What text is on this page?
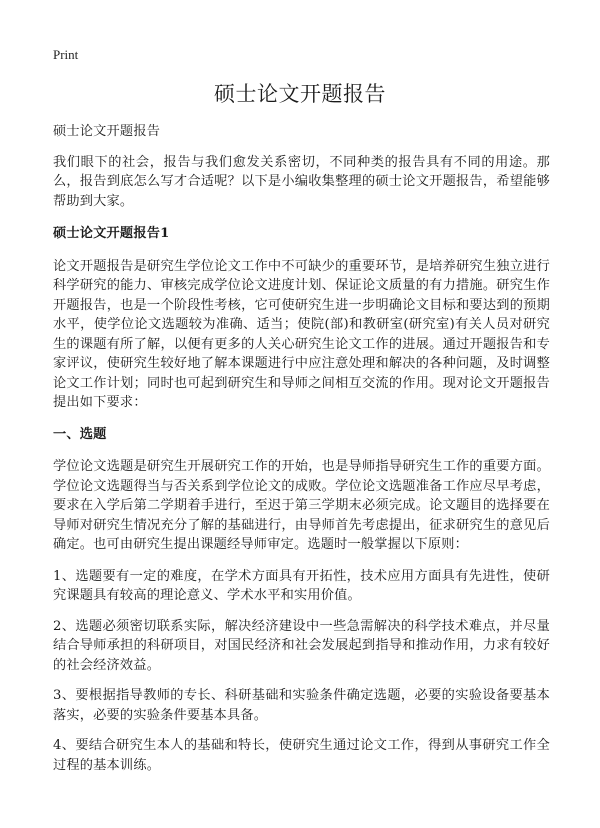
Print
硕士论文开题报告

硕士论文开题报告

我们眼下的社会，报告与我们愈发关系密切，不同种类的报告具有不同的用途。那么，报告到底怎么写才合适呢？以下是小编收集整理的硕士论文开题报告，希望能够帮助到大家。

硕士论文开题报告1

论文开题报告是研究生学位论文工作中不可缺少的重要环节，是培养研究生独立进行科学研究的能力、审核完成学位论文进度计划、保证论文质量的有力措施。研究生作开题报告，也是一个阶段性考核，它可使研究生进一步明确论文目标和要达到的预期水平，使学位论文选题较为准确、适当；使院(部)和教研室(研究室)有关人员对研究生的课题有所了解，以便有更多的人关心研究生论文工作的进展。通过开题报告和专家评议，使研究生较好地了解本课题进行中应注意处理和解决的各种问题，及时调整论文工作计划；同时也可起到研究生和导师之间相互交流的作用。现对论文开题报告提出如下要求：

一、选题

学位论文选题是研究生开展研究工作的开始，也是导师指导研究生工作的重要方面。学位论文选题得当与否关系到学位论文的成败。学位论文选题准备工作应尽早考虑，要求在入学后第二学期着手进行，至迟于第三学期末必须完成。论文题目的选择要在导师对研究生情况充分了解的基础进行，由导师首先考虑提出，征求研究生的意见后确定。也可由研究生提出课题经导师审定。选题时一般掌握以下原则：

1、选题要有一定的难度，在学术方面具有开拓性，技术应用方面具有先进性，使研究课题具有较高的理论意义、学术水平和实用价值。

2、选题必须密切联系实际，解决经济建设中一些急需解决的科学技术难点，并尽量结合导师承担的科研项目，对国民经济和社会发展起到指导和推动作用，力求有较好的社会经济效益。

3、要根据指导教师的专长、科研基础和实验条件确定选题，必要的实验设备要基本落实，必要的实验条件要基本具备。

4、要结合研究生本人的基础和特长，使研究生通过论文工作，得到从事研究工作全过程的基本训练。
